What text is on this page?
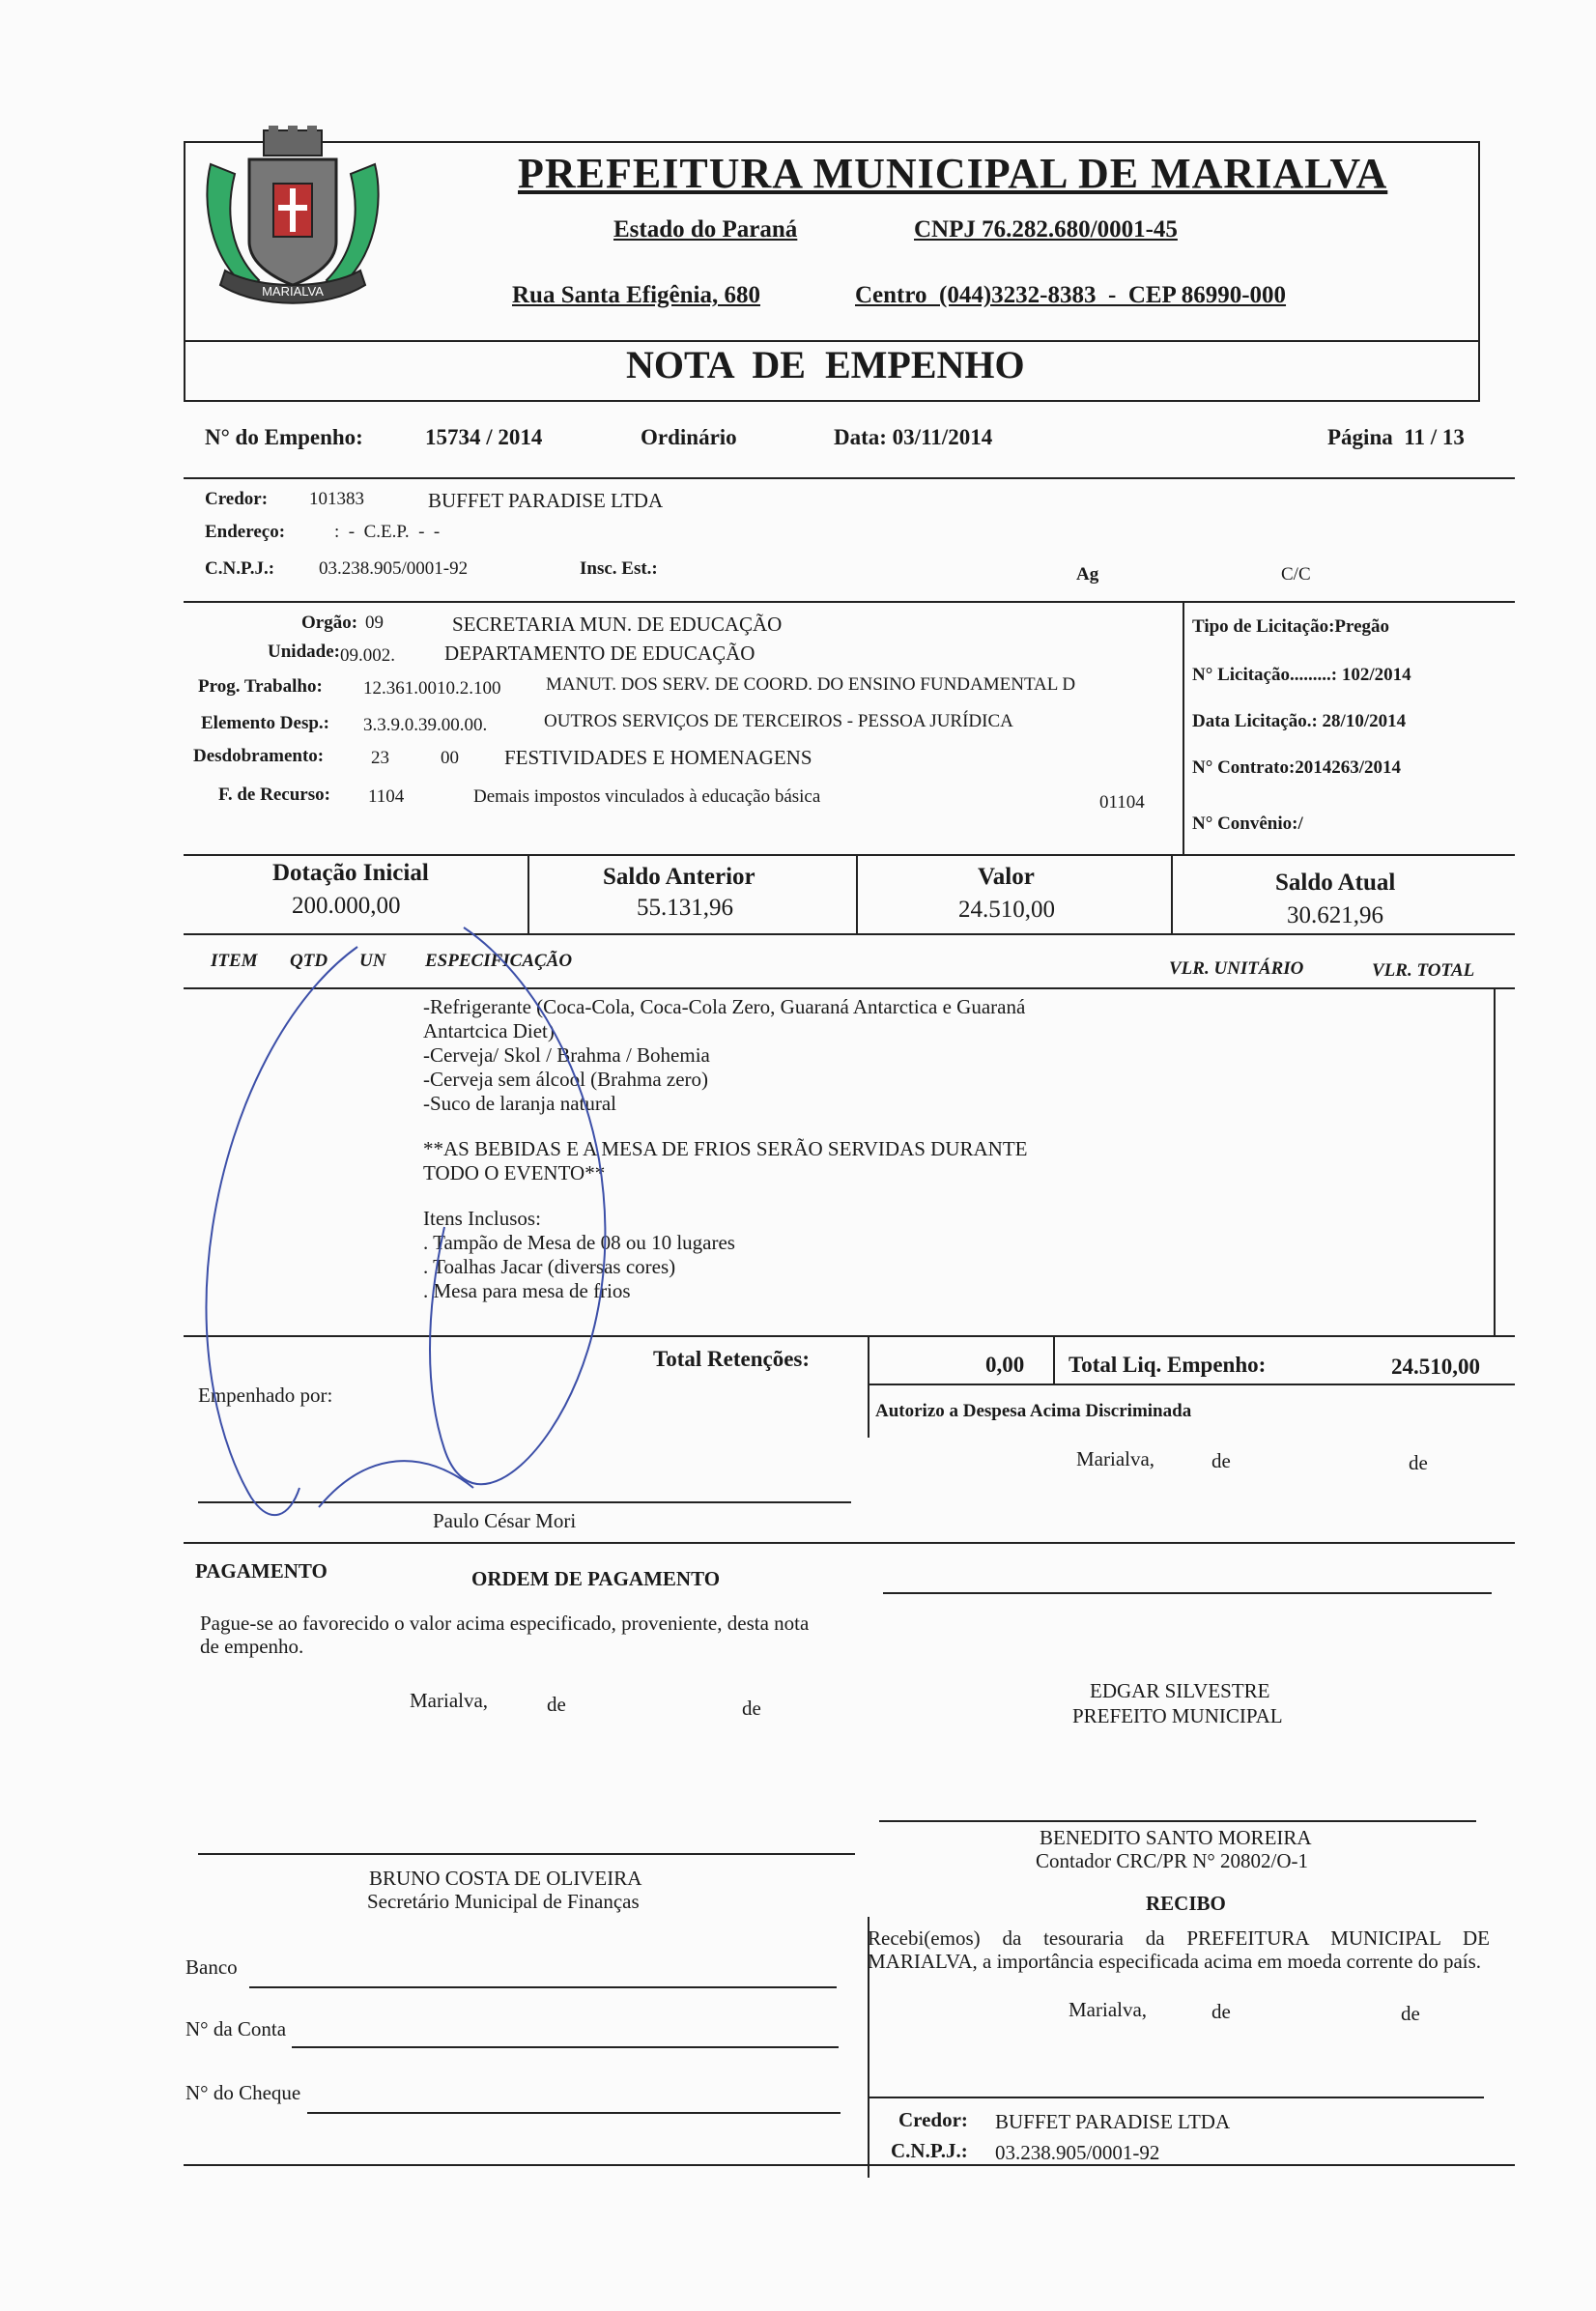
MARIALVA
PREFEITURA MUNICIPAL DE MARIALVA
Estado do Paraná	CNPJ 76.282.680/0001-45
Rua Santa Efigênia, 680	Centro  (044)3232-8383  -  CEP 86990-000
NOTA  DE  EMPENHO
N° do Empenho:	15734 / 2014	Ordinário	Data: 03/11/2014	Página  11 / 13
Credor: 101383	BUFFET PARADISE LTDA
Endereço:	:  -  C.E.P.  -  -
C.N.P.J.: 03.238.905/0001-92	Insc. Est.:	Ag	C/C
Orgão: 09	SECRETARIA MUN. DE EDUCAÇÃO
Unidade: 09.002. DEPARTAMENTO DE EDUCAÇÃO
Prog. Trabalho: 12.361.0010.2.100 MANUT. DOS SERV. DE COORD. DO ENSINO FUNDAMENTAL D
Elemento Desp.: 3.3.9.0.39.00.00.	OUTROS SERVIÇOS DE TERCEIROS - PESSOA JURÍDICA
Desdobramento:	23	00 FESTIVIDADES E HOMENAGENS
F. de Recurso: 1104	Demais impostos vinculados à educação básica	01104
Tipo de Licitação:Pregão
N° Licitação.........: 102/2014
Data Licitação.: 28/10/2014
N° Contrato:2014263/2014
N° Convênio:/
Dotação Inicial
200.000,00
Saldo Anterior
55.131,96
Valor
24.510,00
Saldo Atual
30.621,96
ITEM QTD UN ESPECIFICAÇÃO	VLR. UNITÁRIO	VLR. TOTAL
-Refrigerante (Coca-Cola, Coca-Cola Zero, Guaraná Antarctica e Guaraná
Antartcica Diet)
-Cerveja/ Skol / Brahma / Bohemia
-Cerveja sem álcool (Brahma zero)
-Suco de laranja natural
**AS BEBIDAS E A MESA DE FRIOS SERÃO SERVIDAS DURANTE
TODO O EVENTO**
Itens Inclusos:
. Tampão de Mesa de 08 ou 10 lugares
. Toalhas Jacar (diversas cores)
. Mesa para mesa de frios
Total Retenções:	0,00 Total Liq. Empenho:	24.510,00
Empenhado por:
Autorizo a Despesa Acima Discriminada
Marialva,	de	de
Paulo César Mori
PAGAMENTO	ORDEM DE PAGAMENTO
Pague-se ao favorecido o valor acima especificado, proveniente, desta nota de empenho.
Marialva,	de	de
EDGAR SILVESTRE
PREFEITO MUNICIPAL
BENEDITO SANTO MOREIRA
Contador CRC/PR N° 20802/O-1
BRUNO COSTA DE OLIVEIRA
Secretário Municipal de Finanças	RECIBO
Recebi(emos) da tesouraria da PREFEITURA MUNICIPAL DE MARIALVA, a importância especificada acima em moeda corrente do país.
Marialva,	de	de
Credor: BUFFET PARADISE LTDA
C.N.P.J.: 03.238.905/0001-92
Banco
N° da Conta
N° do Cheque
